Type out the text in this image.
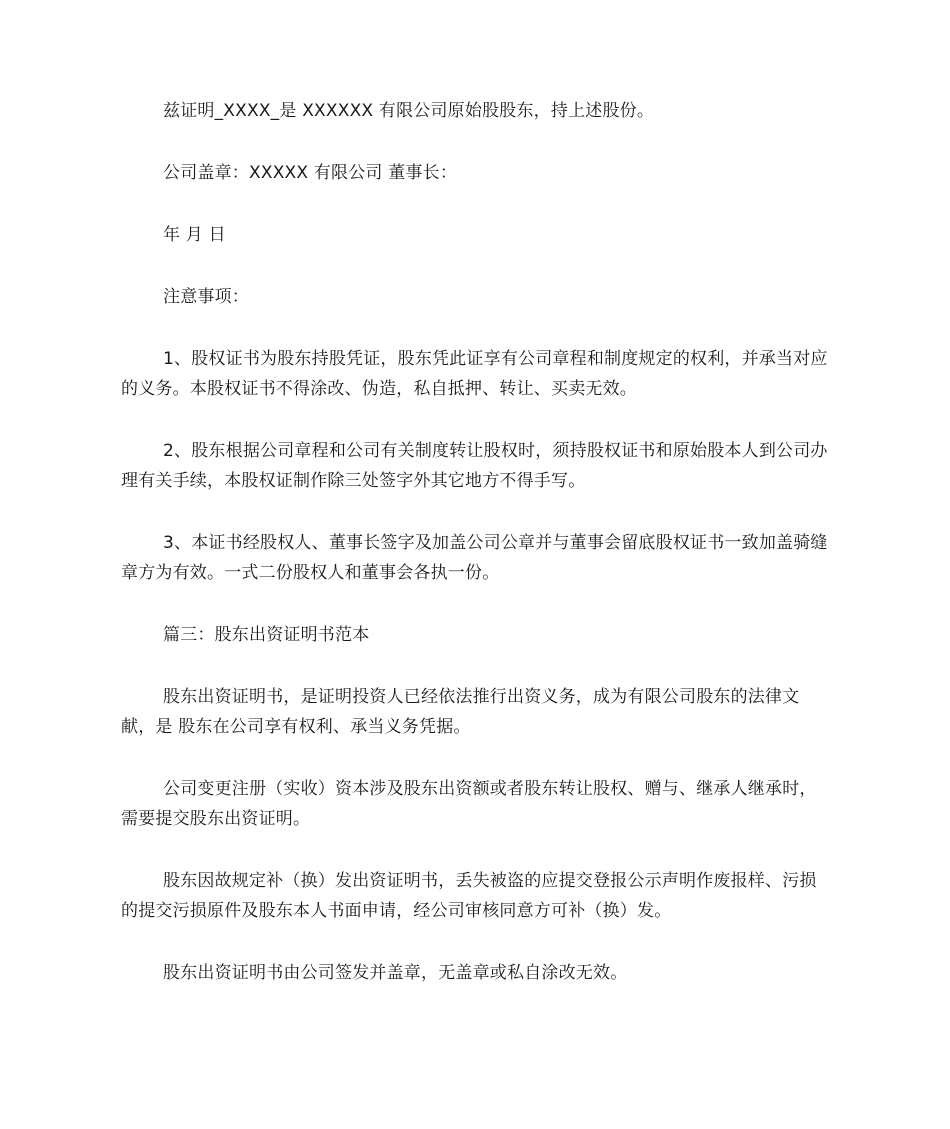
兹证明_XXXX_是 XXXXXX 有限公司原始股股东，持上述股份。

公司盖章：XXXXX 有限公司 董事长：

年 月 日

注意事项：

1、股权证书为股东持股凭证，股东凭此证享有公司章程和制度规定的权利，并承当对应的义务。本股权证书不得涂改、伪造，私自抵押、转让、买卖无效。

2、股东根据公司章程和公司有关制度转让股权时，须持股权证书和原始股本人到公司办理有关手续，本股权证制作除三处签字外其它地方不得手写。

3、本证书经股权人、董事长签字及加盖公司公章并与董事会留底股权证书一致加盖骑缝章方为有效。一式二份股权人和董事会各执一份。

篇三：股东出资证明书范本

股东出资证明书，是证明投资人已经依法推行出资义务，成为有限公司股东的法律文献，是 股东在公司享有权利、承当义务凭据。

公司变更注册（实收）资本涉及股东出资额或者股东转让股权、赠与、继承人继承时，需要提交股东出资证明。

股东因故规定补（换）发出资证明书，丢失被盗的应提交登报公示声明作废报样、污损的提交污损原件及股东本人书面申请，经公司审核同意方可补（换）发。

股东出资证明书由公司签发并盖章，无盖章或私自涂改无效。
